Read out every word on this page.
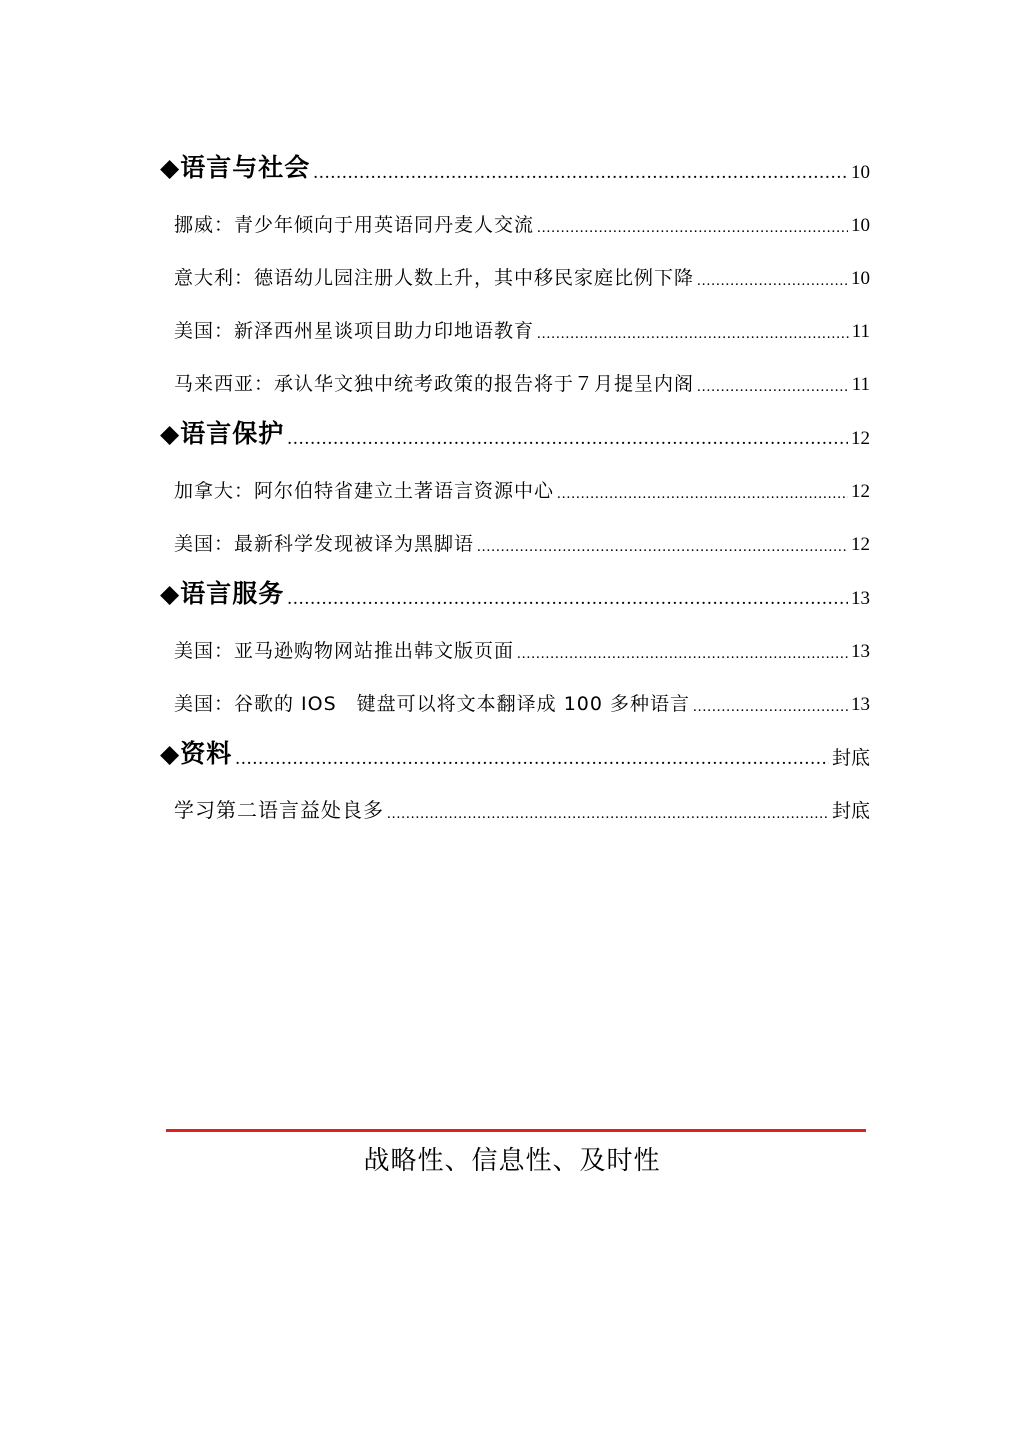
◆语言与社会 .....	10
挪威：青少年倾向于用英语同丹麦人交流 .....	10
意大利：德语幼儿园注册人数上升，其中移民家庭比例下降 .....	10
美国：新泽西州星谈项目助力印地语教育 .....	11
马来西亚：承认华文独中统考政策的报告将于７月提呈内阁 .....	11
◆语言保护 .....	12
加拿大：阿尔伯特省建立土著语言资源中心 .....	12
美国：最新科学发现被译为黑脚语 .....	12
◆语言服务 .....	13
美国：亚马逊购物网站推出韩文版页面 .....	13
美国：谷歌的 IOS　键盘可以将文本翻译成 100 多种语言 .....	13
◆资料 .....	封底
学习第二语言益处良多 .....	封底
战略性、信息性、及时性
